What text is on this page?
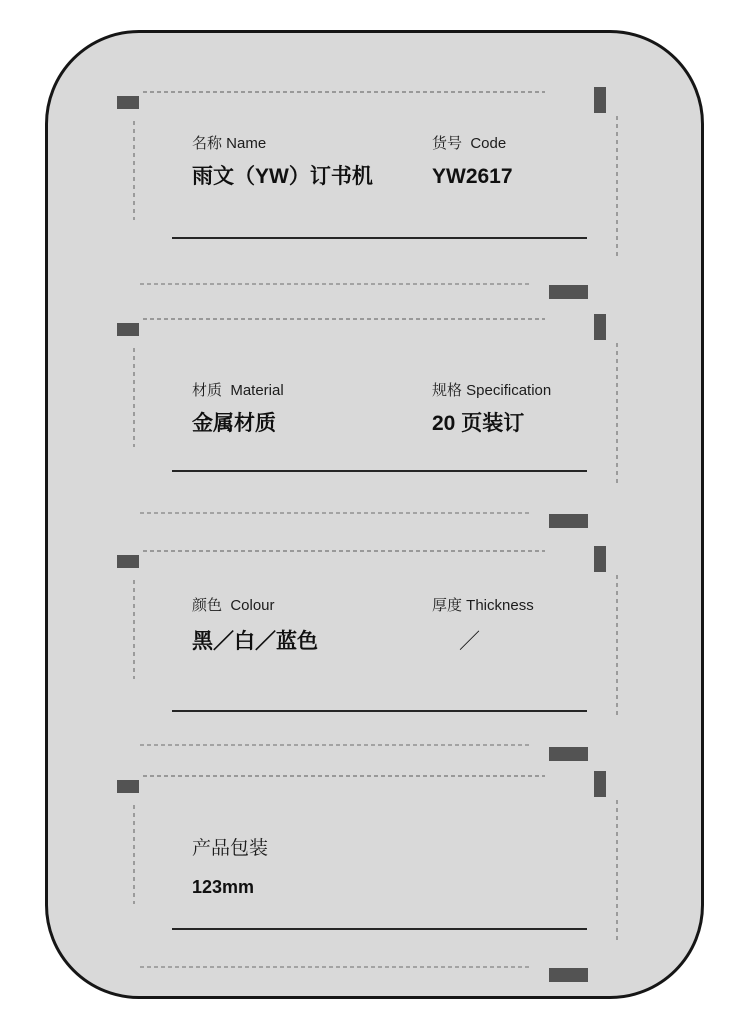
名称 Name
雨文（YW）订书机
货号  Code
YW2617
材质  Material
金属材质
规格 Specification
20 页装订
颜色  Colour
黑／白／蓝色
厚度 Thickness
／
产品包装
123mm
